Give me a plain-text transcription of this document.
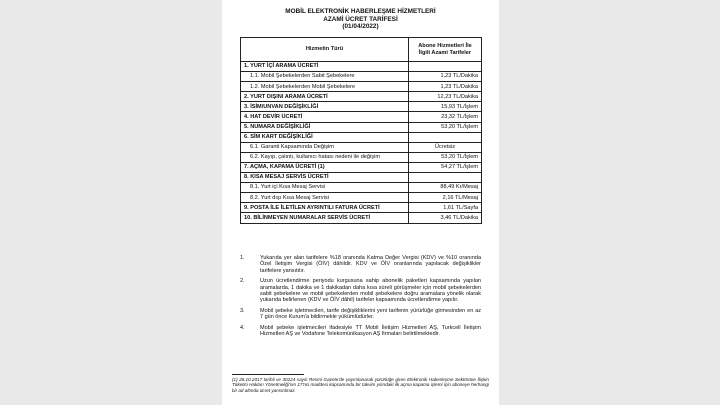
MOBİL ELEKTRONİK HABERLEŞME HİZMETLERİ
AZAMİ ÜCRET TARİFESİ
(01/04/2022)
Hizmetin Türü	Abone Hizmetleri İle İlgili Azami Tarifeler
1. YURT İÇİ ARAMA ÜCRETİ	
1.1. Mobil Şebekelerden Sabit Şebekelere	1,23 TL/Dakika
1.2. Mobil Şebekelerden Mobil Şebekelere	1,23 TL/Dakika
2. YURT DIŞINI ARAMA ÜCRETİ	12,23 TL/Dakika
3. İSİM/UNVAN DEĞİŞİKLİĞİ	15,93 TL/İşlem
4. HAT DEVİR ÜCRETİ	23,32 TL/İşlem
5. NUMARA DEĞİŞİKLİĞİ	53,20 TL/İşlem
6. SİM KART DEĞİŞİKLİĞİ	
6.1. Garanti Kapsamında Değişim	Ücretsiz
6.2. Kayıp, çalıntı, kullanıcı hatası nedeni ile değişim	53,20 TL/İşlem
7. AÇMA, KAPAMA ÜCRETİ (1)	54,27 TL/İşlem
8. KISA MESAJ SERVİS ÜCRETİ	
8.1. Yurt içi Kısa Mesaj Servisi	88,49 Kr/Mesaj
8.2. Yurt dışı Kısa Mesaj Servisi	2,16 TL/Mesaj
9. POSTA İLE İLETİLEN AYRINTILI FATURA ÜCRETİ	1,61 TL/Sayfa
10. BİLİNMEYEN NUMARALAR SERVİS ÜCRETİ	3,46 TL/Dakika
1.	Yukarıda yer alan tarifelere %18 oranında Katma Değer Vergisi (KDV) ve %10 oranında Özel İletişim Vergisi (ÖİV) dâhildir. KDV ve ÖİV oranlarında yapılacak değişiklikler tarifelere yansıtılır.
2.	Uzun ücretlendirme periyodu kurgusuna sahip abonelik paketleri kapsamında yapılan aramalarda, 1 dakika ve 1 dakikadan daha kısa süreli görüşmeler için mobil şebekelerden sabit şebekelere ve mobil şebekelerden mobil şebekelere doğru aramalara yönelik olarak yukarıda belirlenen (KDV ve ÖİV dâhil) tarifeler kapsamında ücretlendirme yapılır.
3.	Mobil şebeke işletmecileri, tarife değişikliklerini yeni tarifenin yürürlüğe girmesinden en az 7 gün önce Kurum'a bildirmekle yükümlüdürler.
4.	Mobil şebeke işletmecileri ifadesiyle TT Mobil İletişim Hizmetleri AŞ, Turkcell İletişim Hizmetleri AŞ ve Vodafone Telekomünikasyon AŞ firmaları belirtilmektedir.
(1) 28.10.2017 tarihli ve 30224 sayılı Resmi Gazete'de yayımlanarak yürürlüğe giren Elektronik Haberleşme Sektörüne İlişkin Tüketici Hakları Yönetmeliği'nin 17'nci maddesi kapsamında bir takvim yılındaki ilk açma kapama işlemi için aboneye herhangi bir ad altında ücret yansıtılmaz.
